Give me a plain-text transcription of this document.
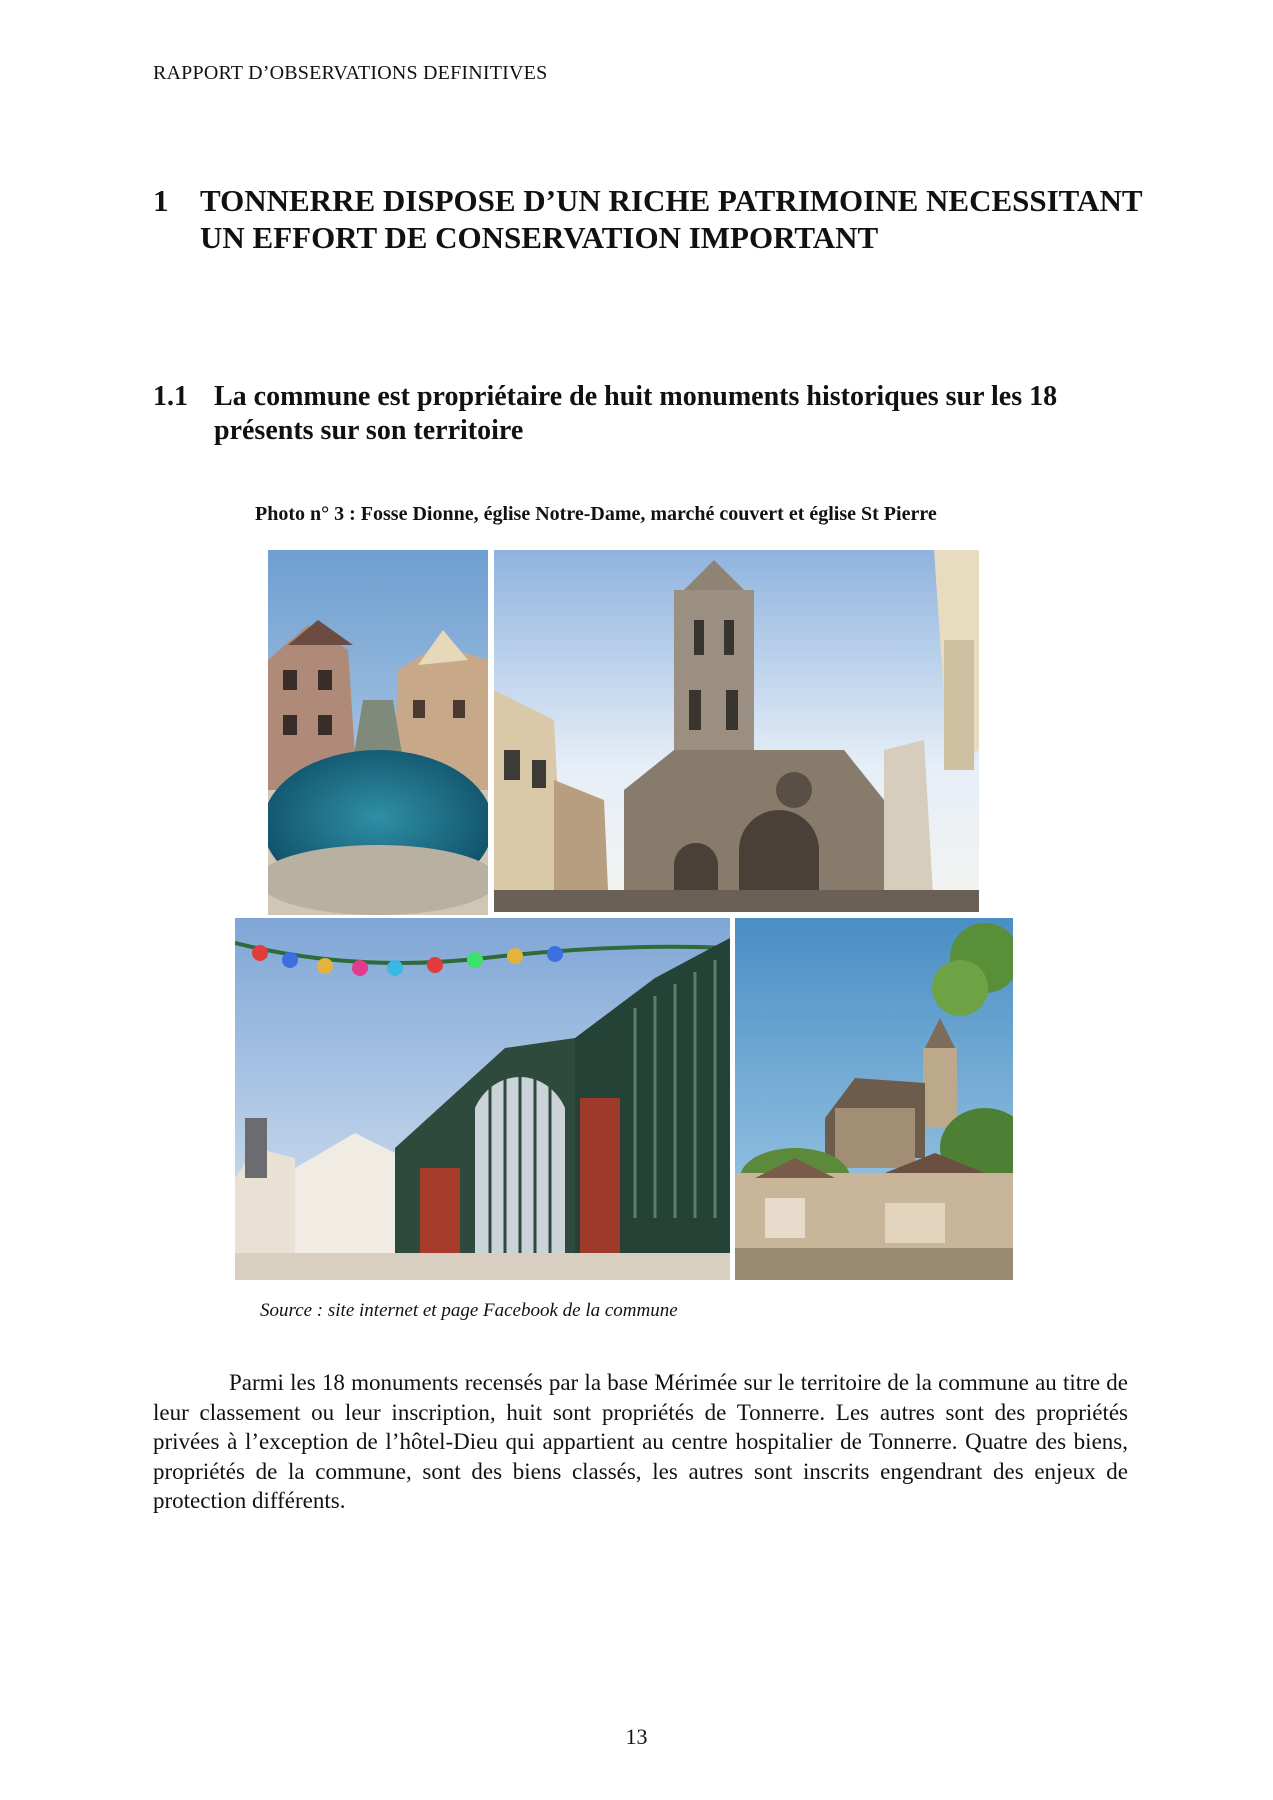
RAPPORT D’OBSERVATIONS DEFINITIVES
1 TONNERRE DISPOSE D’UN RICHE PATRIMOINE NECESSITANT UN EFFORT DE CONSERVATION IMPORTANT
1.1 La commune est propriétaire de huit monuments historiques sur les 18 présents sur son territoire
Photo n° 3 : Fosse Dionne, église Notre-Dame, marché couvert et église St Pierre
Source : site internet et page Facebook de la commune

Parmi les 18 monuments recensés par la base Mérimée sur le territoire de la commune au titre de leur classement ou leur inscription, huit sont propriétés de Tonnerre. Les autres sont des propriétés privées à l’exception de l’hôtel-Dieu qui appartient au centre hospitalier de Tonnerre. Quatre des biens, propriétés de la commune, sont des biens classés, les autres sont inscrits engendrant des enjeux de protection différents.

13
